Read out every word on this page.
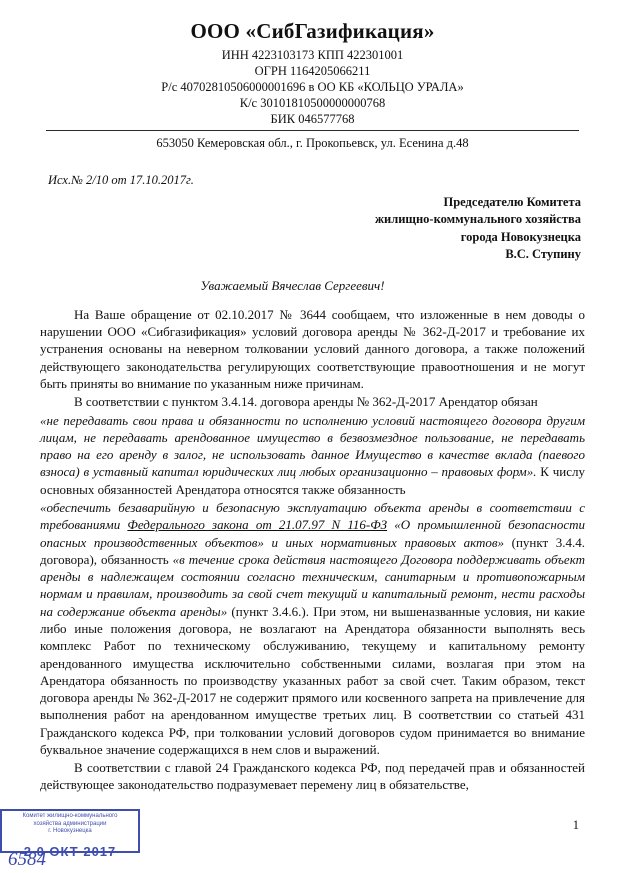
ООО «СибГазификация»
ИНН 4223103173 КПП 422301001
ОГРН 1164205066211
Р/с 40702810506000001696 в ОО КБ «КОЛЬЦО УРАЛА»
К/с 30101810500000000768
БИК 046577768
653050 Кемеровская обл., г. Прокопьевск, ул. Есенина д.48
Исх.№ 2/10 от 17.10.2017г.
Председателю Комитета
жилищно-коммунального хозяйства
города Новокузнецка
В.С. Ступину
Уважаемый Вячеслав Сергеевич!

На Ваше обращение от 02.10.2017 № 3644 сообщаем, что изложенные в нем доводы о нарушении ООО «Сибгазификация» условий договора аренды № 362-Д-2017 и требование их устранения основаны на неверном толковании условий данного договора, а также положений действующего законодательства регулирующих соответствующие правоотношения и не могут быть приняты во внимание по указанным ниже причинам.

В соответствии с пунктом 3.4.14. договора аренды № 362-Д-2017 Арендатор обязан

«не передавать свои права и обязанности по исполнению условий настоящего договора другим лицам, не передавать арендованное имущество в безвозмездное пользование, не передавать право на его аренду в залог, не использовать данное Имущество в качестве вклада (паевого взноса) в уставный капитал юридических лиц любых организационно – правовых форм». К числу основных обязанностей Арендатора относятся также обязанность

«обеспечить безаварийную и безопасную эксплуатацию объекта аренды в соответствии с требованиями Федерального закона от 21.07.97 N 116-ФЗ «О промышленной безопасности опасных производственных объектов» и иных нормативных правовых актов» (пункт 3.4.4. договора), обязанность «в течение срока действия настоящего Договора поддерживать объект аренды в надлежащем состоянии согласно техническим, санитарным и противопожарным нормам и правилам, производить за свой счет текущий и капитальный ремонт, нести расходы на содержание объекта аренды» (пункт 3.4.6.). При этом, ни вышеназванные условия, ни какие либо иные положения договора, не возлагают на Арендатора обязанности выполнять весь комплекс Работ по техническому обслуживанию, текущему и капитальному ремонту арендованного имущества исключительно собственными силами, возлагая при этом на Арендатора обязанность по производству указанных работ за свой счет. Таким образом, текст договора аренды № 362-Д-2017 не содержит прямого или косвенного запрета на привлечение для выполнения работ на арендованном имуществе третьих лиц. В соответствии со статьей 431 Гражданского кодекса РФ, при толковании условий договоров судом принимается во внимание буквальное значение содержащихся в нем слов и выражений.

В соответствии с главой 24 Гражданского кодекса РФ, под передачей прав и обязанностей действующее законодательство подразумевает перемену лиц в обязательстве,

1
Комитет жилищно-коммунального
хозяйства администрации
г. Новокузнецка
2 0 ОКТ 2017
6584
